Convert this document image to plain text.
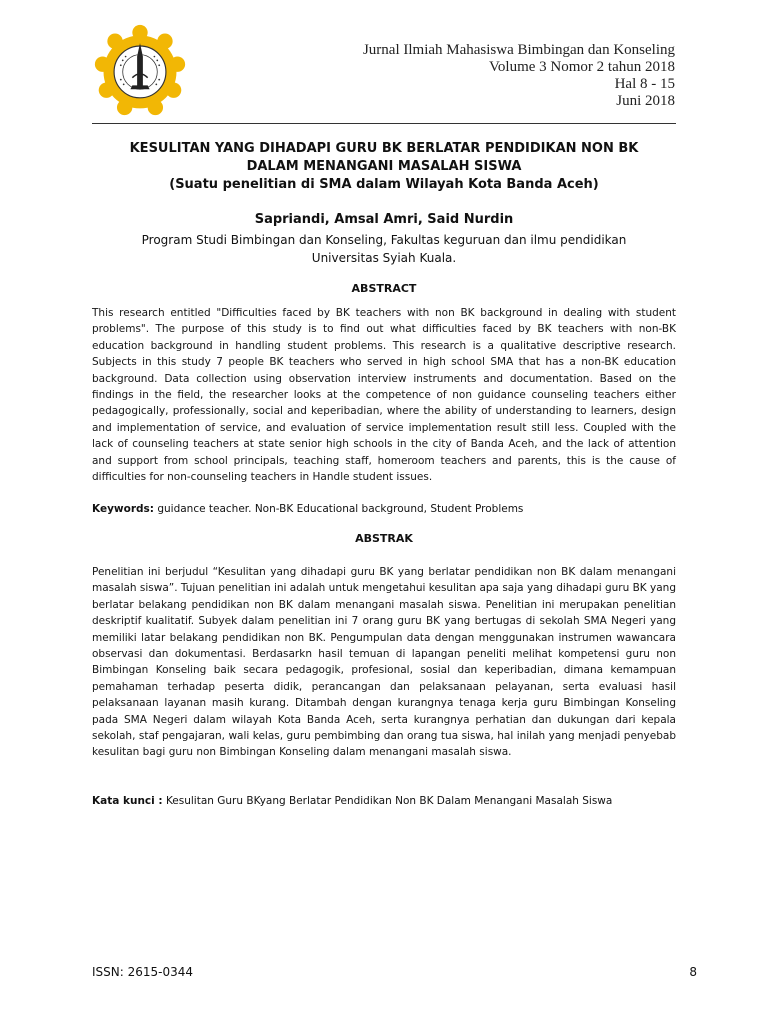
Jurnal Ilmiah Mahasiswa Bimbingan dan Konseling
Volume 3 Nomor 2 tahun 2018
Hal 8 - 15
Juni 2018
KESULITAN YANG DIHADAPI GURU BK BERLATAR PENDIDIKAN NON BK
DALAM MENANGANI MASALAH SISWA
(Suatu penelitian di SMA dalam Wilayah Kota Banda Aceh)
Sapriandi, Amsal Amri, Said Nurdin
Program Studi Bimbingan dan Konseling, Fakultas keguruan dan ilmu pendidikan
Universitas Syiah Kuala.
ABSTRACT
This research entitled "Difficulties faced by BK teachers with non BK background in dealing with student problems". The purpose of this study is to find out what difficulties faced by BK teachers with non-BK education background in handling student problems. This research is a qualitative descriptive research. Subjects in this study 7 people BK teachers who served in high school SMA that has a non-BK education background. Data collection using observation interview instruments and documentation. Based on the findings in the field, the researcher looks at the competence of non guidance counseling teachers either pedagogically, professionally, social and keperibadian, where the ability of understanding to learners, design and implementation of service, and evaluation of service implementation result still less. Coupled with the lack of counseling teachers at state senior high schools in the city of Banda Aceh, and the lack of attention and support from school principals, teaching staff, homeroom teachers and parents, this is the cause of difficulties for non-counseling teachers in Handle student issues.
Keywords: guidance teacher. Non-BK Educational background, Student Problems
ABSTRAK
Penelitian ini berjudul “Kesulitan yang dihadapi guru BK yang berlatar pendidikan non BK dalam menangani masalah siswa”. Tujuan penelitian ini adalah untuk mengetahui kesulitan apa saja yang dihadapi guru BK yang berlatar belakang pendidikan non BK dalam menangani masalah siswa. Penelitian ini merupakan penelitian deskriptif kualitatif. Subyek dalam penelitian ini 7 orang guru BK yang bertugas di sekolah SMA Negeri yang memiliki latar belakang pendidikan non BK. Pengumpulan data dengan menggunakan instrumen wawancara observasi dan dokumentasi. Berdasarkn hasil temuan di lapangan peneliti melihat kompetensi guru non Bimbingan Konseling baik secara pedagogik, profesional, sosial dan keperibadian, dimana kemampuan pemahaman terhadap peserta didik, perancangan dan pelaksanaan pelayanan, serta evaluasi hasil pelaksanaan layanan masih kurang. Ditambah dengan kurangnya tenaga kerja guru Bimbingan Konseling pada SMA Negeri dalam wilayah Kota Banda Aceh, serta kurangnya perhatian dan dukungan dari kepala sekolah, staf pengajaran, wali kelas, guru pembimbing dan orang tua siswa, hal inilah yang menjadi penyebab kesulitan bagi guru non Bimbingan Konseling dalam menangani masalah siswa.
Kata kunci : Kesulitan Guru BKyang Berlatar Pendidikan Non BK Dalam Menangani Masalah Siswa
ISSN: 2615-0344	8
